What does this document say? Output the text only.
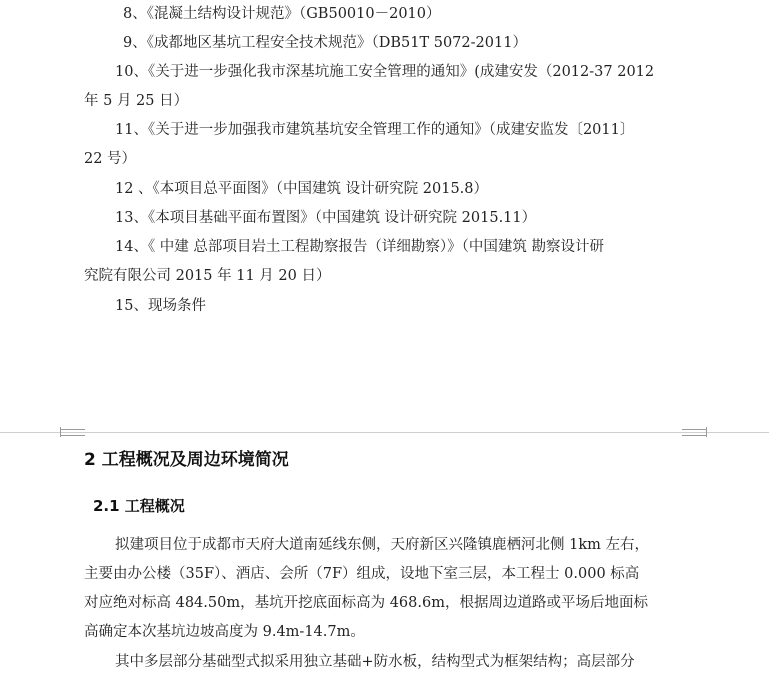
8、《混凝土结构设计规范》（GB50010－2010）
9、《成都地区基坑工程安全技术规范》（DB51T 5072-2011）
10、《关于进一步强化我市深基坑施工安全管理的通知》(成建安发（2012-37 2012
年 5 月 25 日）
11、《关于进一步加强我市建筑基坑安全管理工作的通知》（成建安监发〔2011〕
22 号）
12 、《本项目总平面图》（中国建筑 设计研究院 2015.8）
13、《本项目基础平面布置图》（中国建筑 设计研究院 2015.11）
14、《 中建 总部项目岩土工程勘察报告（详细勘察）》（中国建筑 勘察设计研
究院有限公司 2015 年 11 月 20 日）
15、现场条件
2 工程概况及周边环境简况
2.1 工程概况
拟建项目位于成都市天府大道南延线东侧，天府新区兴隆镇鹿栖河北侧 1km 左右，
主要由办公楼（35F）、酒店、会所（7F）组成，设地下室三层，本工程士 0.000 标高
对应绝对标高 484.50m，基坑开挖底面标高为 468.6m，根据周边道路或平场后地面标
高确定本次基坑边坡高度为 9.4m-14.7m。
其中多层部分基础型式拟采用独立基础+防水板，结构型式为框架结构；高层部分
